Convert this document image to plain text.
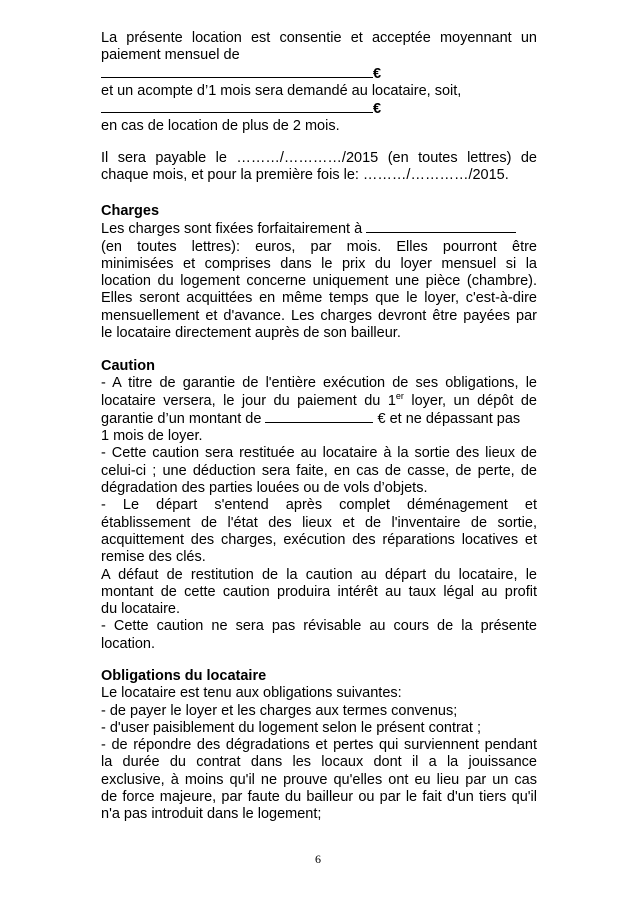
La présente location est consentie et acceptée moyennant un
paiement mensuel de
€
et un acompte d’1 mois sera demandé au locataire, soit,
€
en cas de location de plus de 2 mois.
Il sera payable le ………/…………/2015 (en toutes lettres) de
chaque mois, et pour la première fois le: ………/…………/2015.
Charges
Les charges sont fixées forfaitairement à
(en toutes lettres): euros, par mois. Elles pourront être
minimisées et comprises dans le prix du loyer mensuel si la
location du logement concerne uniquement une pièce (chambre).
Elles seront acquittées en même temps que le loyer, c'est-à-dire
mensuellement et d'avance. Les charges devront être payées par
le locataire directement auprès de son bailleur.
Caution
- A titre de garantie de l'entière exécution de ses obligations, le
locataire versera, le jour du paiement du 1er loyer, un dépôt de
garantie d’un montant de	€ et ne dépassant pas
1 mois de loyer.
- Cette caution sera restituée au locataire à la sortie des lieux de
celui-ci ; une déduction sera faite, en cas de casse, de perte, de
dégradation des parties louées ou de vols d’objets.
- Le départ s'entend après complet déménagement et
établissement de l'état des lieux et de l'inventaire de sortie,
acquittement des charges, exécution des réparations locatives et
remise des clés.
A défaut de restitution de la caution au départ du locataire, le
montant de cette caution produira intérêt au taux légal au profit
du locataire.
- Cette caution ne sera pas révisable au cours de la présente
location.
Obligations du locataire
Le locataire est tenu aux obligations suivantes:
- de payer le loyer et les charges aux termes convenus;
- d'user paisiblement du logement selon le présent contrat ;
- de répondre des dégradations et pertes qui surviennent pendant
la durée du contrat dans les locaux dont il a la jouissance
exclusive, à moins qu'il ne prouve qu'elles ont eu lieu par un cas
de force majeure, par faute du bailleur ou par le fait d'un tiers qu'il
n'a pas introduit dans le logement;
6
